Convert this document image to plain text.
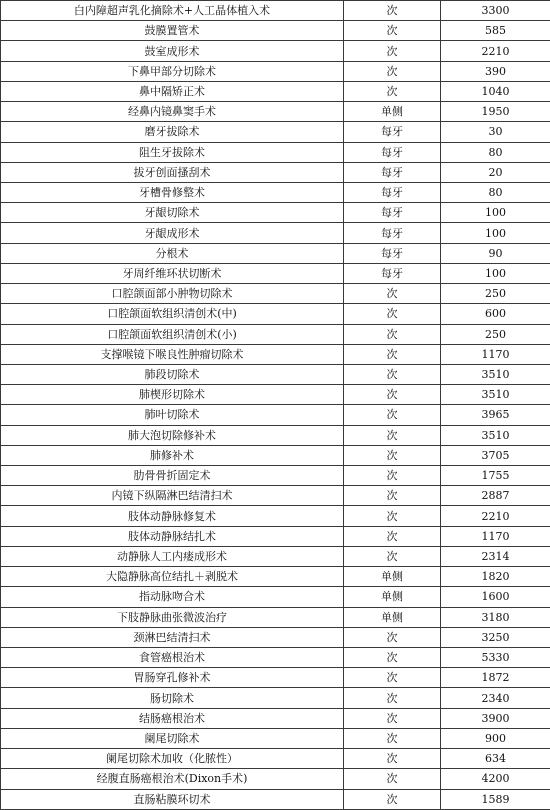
白内障超声乳化摘除术+人工晶体植入术	次	3300
鼓膜置管术	次	585
鼓室成形术	次	2210
下鼻甲部分切除术	次	390
鼻中隔矫正术	次	1040
经鼻内镜鼻窦手术	单侧	1950
磨牙拔除术	每牙	30
阻生牙拔除术	每牙	80
拔牙创面搔刮术	每牙	20
牙槽骨修整术	每牙	80
牙龈切除术	每牙	100
牙龈成形术	每牙	100
分根术	每牙	90
牙周纤维环状切断术	每牙	100
口腔颌面部小肿物切除术	次	250
口腔颌面软组织清创术(中)	次	600
口腔颌面软组织清创术(小)	次	250
支撑喉镜下喉良性肿瘤切除术	次	1170
肺段切除术	次	3510
肺楔形切除术	次	3510
肺叶切除术	次	3965
肺大泡切除修补术	次	3510
肺修补术	次	3705
肋骨骨折固定术	次	1755
内镜下纵隔淋巴结清扫术	次	2887
肢体动静脉修复术	次	2210
肢体动静脉结扎术	次	1170
动静脉人工内瘘成形术	次	2314
大隐静脉高位结扎＋剥脱术	单侧	1820
指动脉吻合术	单侧	1600
下肢静脉曲张微波治疗	单侧	3180
颈淋巴结清扫术	次	3250
食管癌根治术	次	5330
胃肠穿孔修补术	次	1872
肠切除术	次	2340
结肠癌根治术	次	3900
阑尾切除术	次	900
阑尾切除术加收（化脓性）	次	634
经腹直肠癌根治术(Dixon手术)	次	4200
直肠粘膜环切术	次	1589
